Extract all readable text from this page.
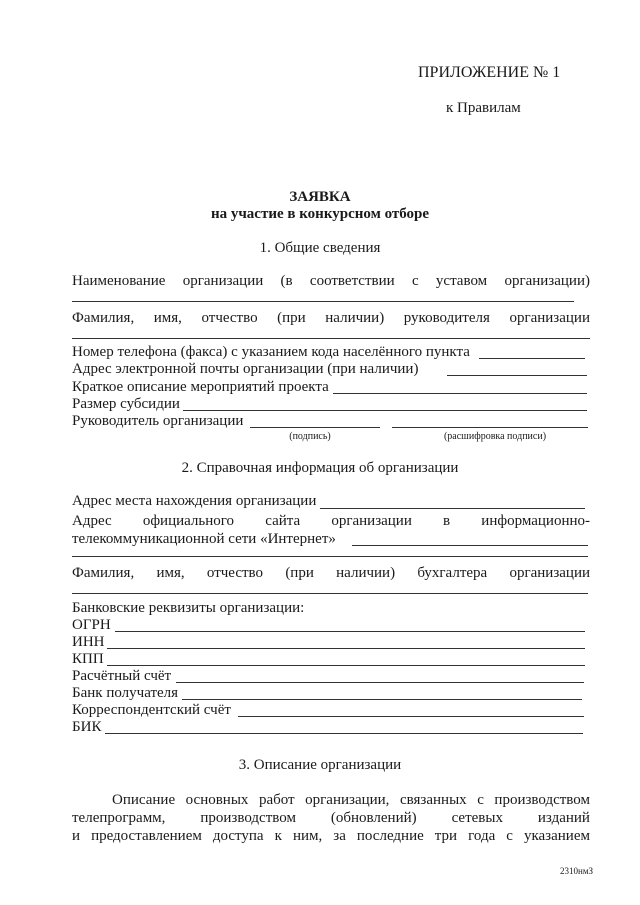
ПРИЛОЖЕНИЕ № 1
к Правилам
ЗАЯВКА
на участие в конкурсном отборе
1. Общие сведения
Наименование организации (в соответствии с уставом организации)
Фамилия, имя, отчество (при наличии) руководителя организации
Номер телефона (факса) с указанием кода населённого пункта
Адрес электронной почты организации (при наличии)
Краткое описание мероприятий проекта
Размер субсидии
Руководитель организации
(подпись)	(расшифровка подписи)
2. Справочная информация об организации
Адрес места нахождения организации
Адрес официального сайта организации в информационно-
телекоммуникационной сети «Интернет»
Фамилия, имя, отчество (при наличии) бухгалтера организации
Банковские реквизиты организации:
ОГРН
ИНН
КПП
Расчётный счёт
Банк получателя
Корреспондентский счёт
БИК
3. Описание организации
Описание основных работ организации, связанных с производством
телепрограмм, производством (обновлений) сетевых изданий
и предоставлением доступа к ним, за последние три года с указанием
2310нмЗ
